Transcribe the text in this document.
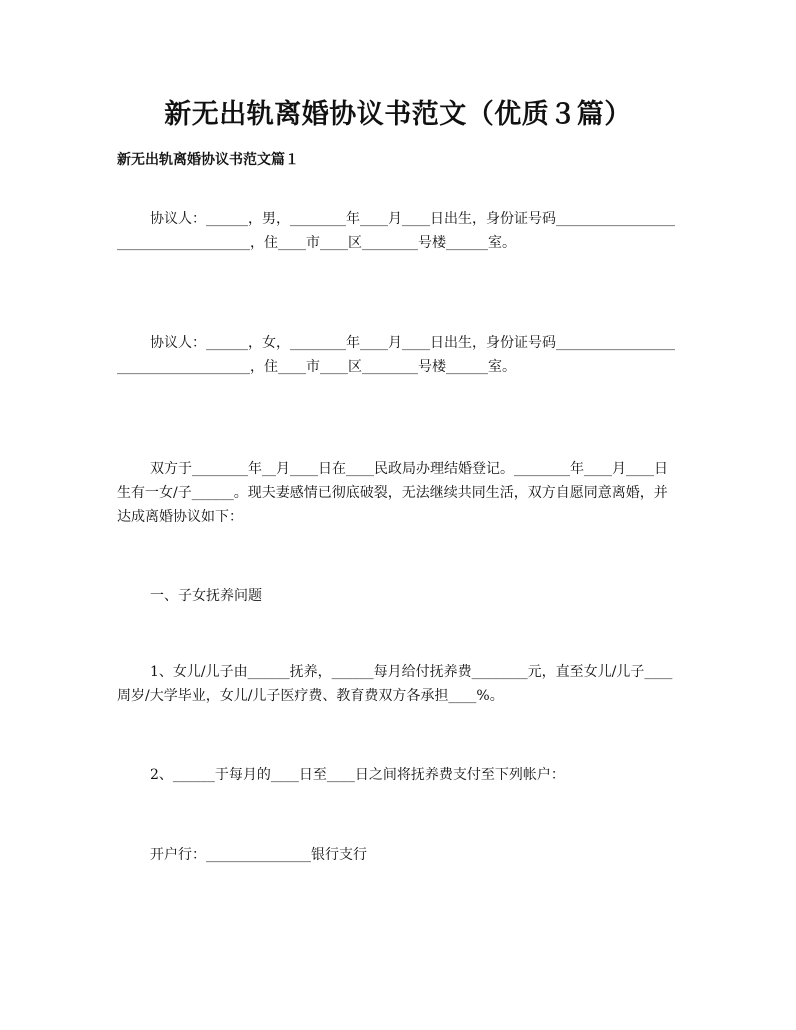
新无出轨离婚协议书范文（优质３篇）
新无出轨离婚协议书范文篇１

协议人：______，男，________年____月____日出生，身份证号码____________________________________，住____市____区________号楼______室。

协议人：______，女，________年____月____日出生，身份证号码____________________________________，住____市____区________号楼______室。

双方于________年__月____日在____民政局办理结婚登记。________年____月____日生有一女/子______。现夫妻感情已彻底破裂，无法继续共同生活，双方自愿同意离婚，并达成离婚协议如下：

一、子女抚养问题

1、女儿/儿子由______抚养，______每月给付抚养费________元，直至女儿/儿子____周岁/大学毕业，女儿/儿子医疗费、教育费双方各承担____%。

2、______于每月的____日至____日之间将抚养费支付至下列帐户：

开户行：_______________银行支行
